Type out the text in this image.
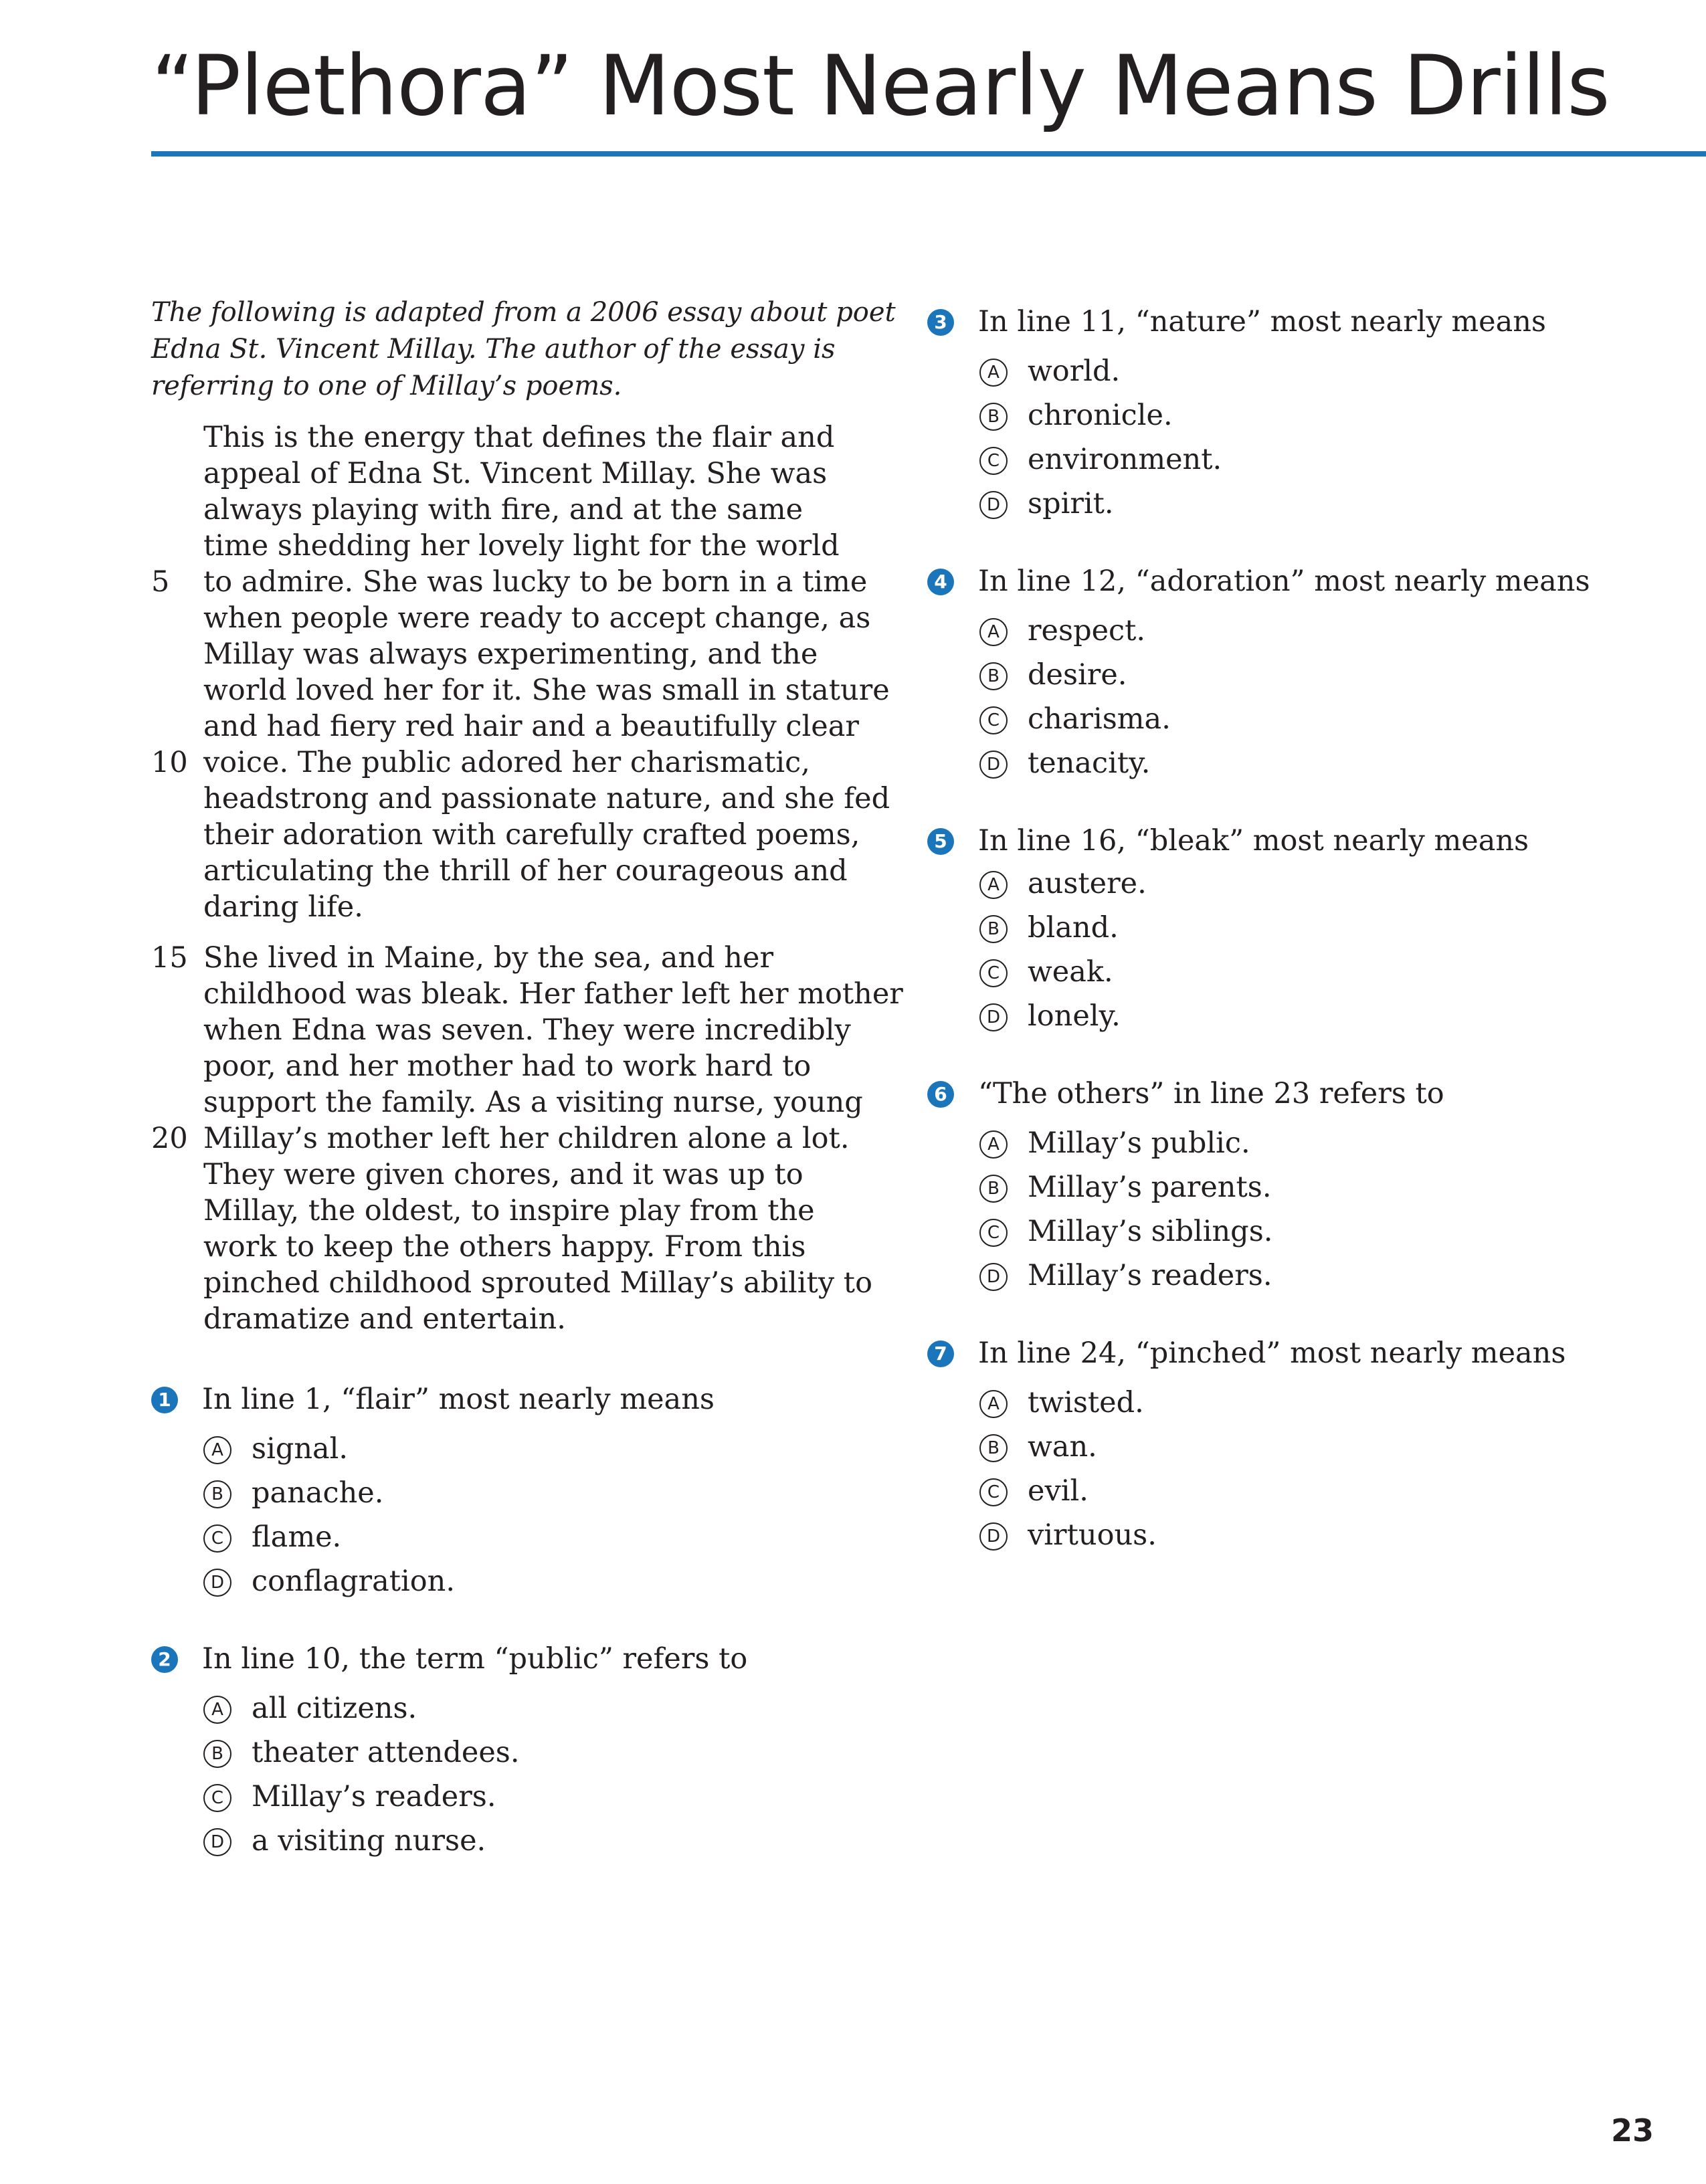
“Plethora” Most Nearly Means Drills
The following is adapted from a 2006 essay about poet
Edna St. Vincent Millay. The author of the essay is
referring to one of Millay’s poems.
This is the energy that defines the flair and
appeal of Edna St. Vincent Millay. She was
always playing with fire, and at the same
time shedding her lovely light for the world
5 to admire. She was lucky to be born in a time
when people were ready to accept change, as
Millay was always experimenting, and the
world loved her for it. She was small in stature
and had fiery red hair and a beautifully clear
10 voice. The public adored her charismatic,
headstrong and passionate nature, and she fed
their adoration with carefully crafted poems,
articulating the thrill of her courageous and
daring life.
15 She lived in Maine, by the sea, and her
childhood was bleak. Her father left her mother
when Edna was seven. They were incredibly
poor, and her mother had to work hard to
support the family. As a visiting nurse, young
20 Millay’s mother left her children alone a lot.
They were given chores, and it was up to
Millay, the oldest, to inspire play from the
work to keep the others happy. From this
pinched childhood sprouted Millay’s ability to
dramatize and entertain.
1	In line 1, “flair” most nearly means
A signal.
B panache.
C flame.
D conflagration.
2	In line 10, the term “public” refers to
A all citizens.
B theater attendees.
C Millay’s readers.
D a visiting nurse.
3	In line 11, “nature” most nearly means
A world.
B chronicle.
C environment.
D spirit.
4	In line 12, “adoration” most nearly means
A respect.
B desire.
C charisma.
D tenacity.
5	In line 16, “bleak” most nearly means
A austere.
B bland.
C weak.
D lonely.
6	“The others” in line 23 refers to
A Millay’s public.
B Millay’s parents.
C Millay’s siblings.
D Millay’s readers.
7	In line 24, “pinched” most nearly means
A twisted.
B wan.
C evil.
D virtuous.
23
